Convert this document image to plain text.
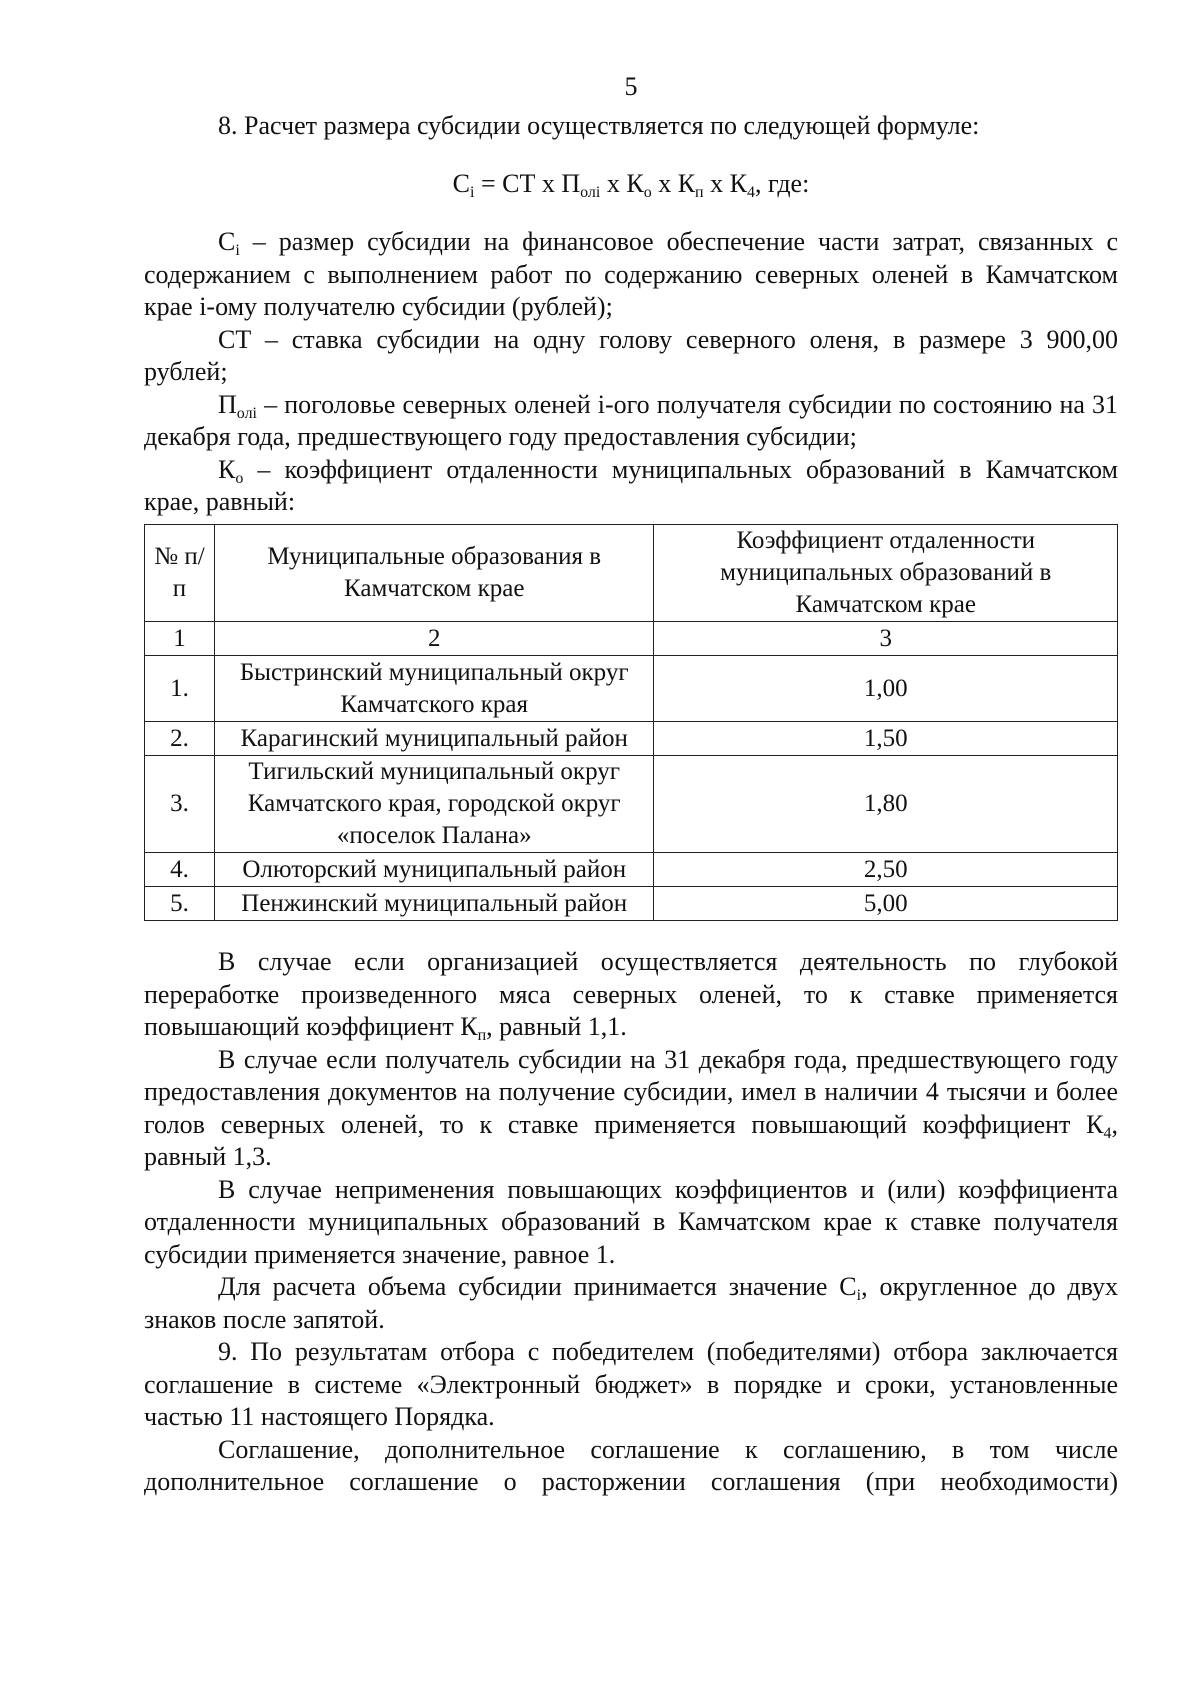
5

8. Расчет размера субсидии осуществляется по следующей формуле:

$С_i$ = СТ x $П_{олi}$ x $К_о$ x $К_п$ x $К_4$, где:

$С_i$ – размер субсидии на финансовое обеспечение части затрат, связанных с содержанием с выполнением работ по содержанию северных оленей в Камчатском крае i-ому получателю субсидии (рублей);

СТ – ставка субсидии на одну голову северного оленя, в размере 3 900,00 рублей;

$П_{олi}$ – поголовье северных оленей i-ого получателя субсидии по состоянию на 31 декабря года, предшествующего году предоставления субсидии;

$К_о$ – коэффициент отдаленности муниципальных образований в Камчатском крае, равный:

№ п/п	Муниципальные образования в Камчатском крае	Коэффициент отдаленности муниципальных образований в Камчатском крае
1	2	3
1.	Быстринский муниципальный округ Камчатского края	1,00
2.	Карагинский муниципальный район	1,50
3.	Тигильский муниципальный округ Камчатского края, городской округ «поселок Палана»	1,80
4.	Олюторский муниципальный район	2,50
5.	Пенжинский муниципальный район	5,00

В случае если организацией осуществляется деятельность по глубокой переработке произведенного мяса северных оленей, то к ставке применяется повышающий коэффициент $К_п$, равный 1,1.

В случае если получатель субсидии на 31 декабря года, предшествующего году предоставления документов на получение субсидии, имел в наличии 4 тысячи и более голов северных оленей, то к ставке применяется повышающий коэффициент $К_4$, равный 1,3.

В случае неприменения повышающих коэффициентов и (или) коэффициента отдаленности муниципальных образований в Камчатском крае к ставке получателя субсидии применяется значение, равное 1.

Для расчета объема субсидии принимается значение $С_i$, округленное до двух знаков после запятой.

9. По результатам отбора с победителем (победителями) отбора заключается соглашение в системе «Электронный бюджет» в порядке и сроки, установленные частью 11 настоящего Порядка.

Соглашение, дополнительное соглашение к соглашению, в том числе дополнительное соглашение о расторжении соглашения (при необходимости)
